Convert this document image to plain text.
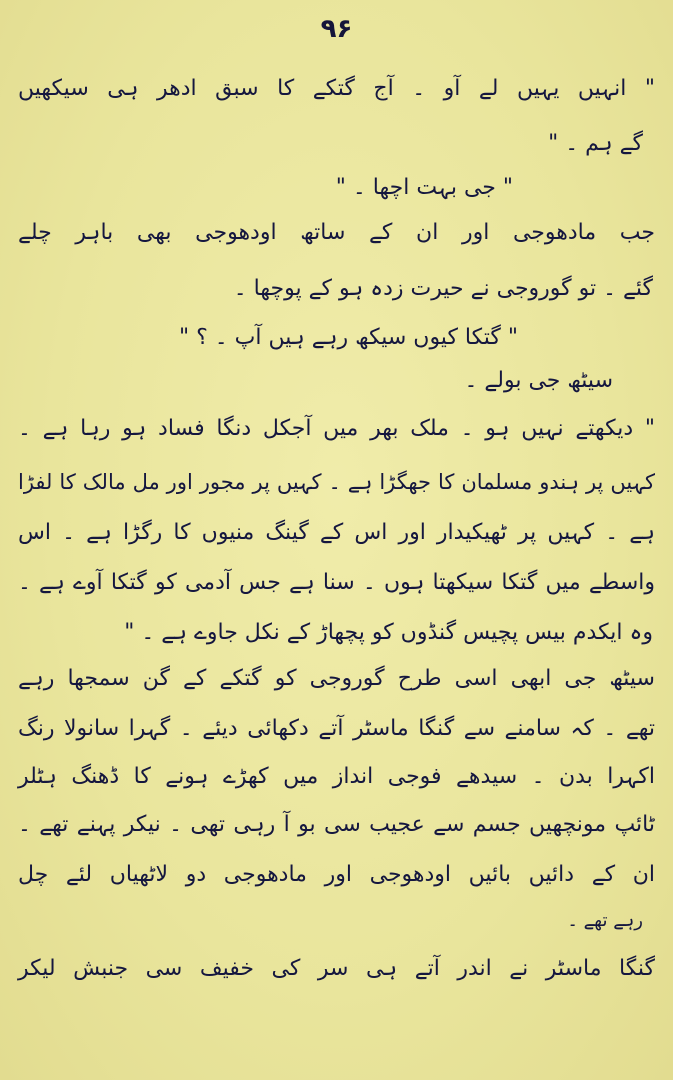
۹۶
" انہیں یہیں لے آو ۔ آج گتکے کا سبق ادھر ہی سیکھیں
گے ہم ۔ "
" جی بہت اچھا ۔ "
جب مادھوجی اور ان کے ساتھ اودھوجی بھی باہر چلے
گئے ۔ تو گوروجی نے حیرت زدہ ہو کے پوچھا ۔
" گتکا کیوں سیکھ رہے ہیں آپ ۔ ؟ "
سیٹھ جی بولے ۔
" دیکھتے نہیں ہو ۔ ملک بھر میں آجکل دنگا فساد ہو رہا ہے ۔
کہیں پر ہندو مسلمان کا جھگڑا ہے ۔ کہیں پر مجور اور مل مالک کا لفڑا
ہے ۔ کہیں پر ٹھیکیدار اور اس کے گینگ منیوں کا رگڑا ہے ۔ اس
واسطے میں گتکا سیکھتا ہوں ۔ سنا ہے جس آدمی کو گتکا آوے ہے ۔
وہ ایکدم بیس پچیس گنڈوں کو پچھاڑ کے نکل جاوے ہے ۔ "
سیٹھ جی ابھی اسی طرح گوروجی کو گتکے کے گن سمجھا رہے
تھے ۔ کہ سامنے سے گنگا ماسٹر آتے دکھائی دیئے ۔ گہرا سانولا رنگ
اکہرا بدن ۔ سیدھے فوجی انداز میں کھڑے ہونے کا ڈھنگ ہٹلر
ٹائپ مونچھیں جسم سے عجیب سی بو آ رہی تھی ۔ نیکر پہنے تھے ۔
ان کے دائیں بائیں اودھوجی اور مادھوجی دو لاٹھیاں لئے چل
رہے تھے ۔
گنگا ماسٹر نے اندر آتے ہی سر کی خفیف سی جنبش لیکر
